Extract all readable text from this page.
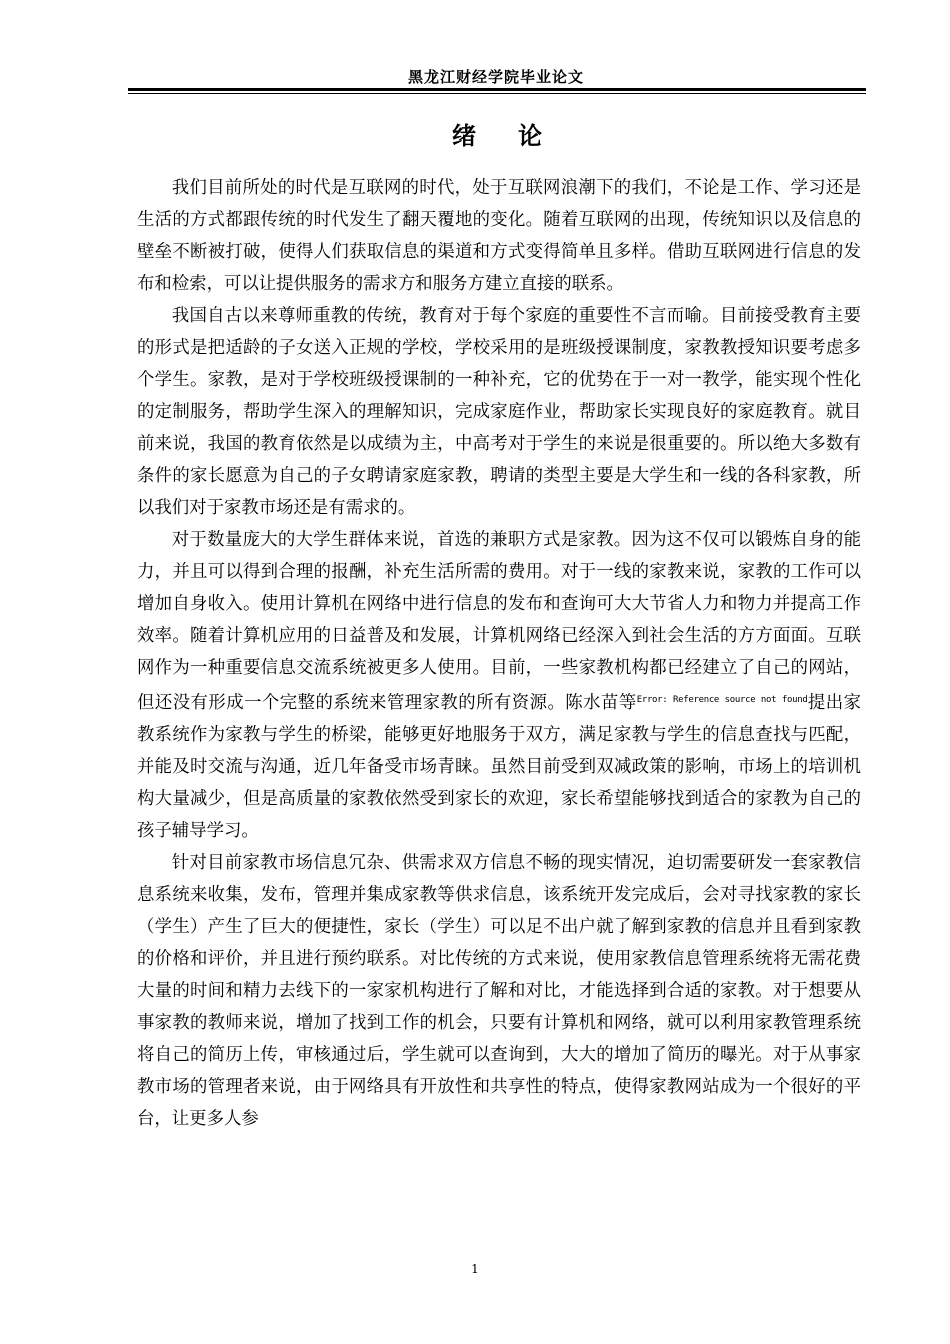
黑龙江财经学院毕业论文
绪论

我们目前所处的时代是互联网的时代，处于互联网浪潮下的我们，不论是工作、学习还是生活的方式都跟传统的时代发生了翻天覆地的变化。随着互联网的出现，传统知识以及信息的壁垒不断被打破，使得人们获取信息的渠道和方式变得简单且多样。借助互联网进行信息的发布和检索，可以让提供服务的需求方和服务方建立直接的联系。

我国自古以来尊师重教的传统，教育对于每个家庭的重要性不言而喻。目前接受教育主要的形式是把适龄的子女送入正规的学校，学校采用的是班级授课制度，家教教授知识要考虑多个学生。家教，是对于学校班级授课制的一种补充，它的优势在于一对一教学，能实现个性化的定制服务，帮助学生深入的理解知识，完成家庭作业，帮助家长实现良好的家庭教育。就目前来说，我国的教育依然是以成绩为主，中高考对于学生的来说是很重要的。所以绝大多数有条件的家长愿意为自己的子女聘请家庭家教，聘请的类型主要是大学生和一线的各科家教，所以我们对于家教市场还是有需求的。

对于数量庞大的大学生群体来说，首选的兼职方式是家教。因为这不仅可以锻炼自身的能力，并且可以得到合理的报酬，补充生活所需的费用。对于一线的家教来说，家教的工作可以增加自身收入。使用计算机在网络中进行信息的发布和查询可大大节省人力和物力并提高工作效率。随着计算机应用的日益普及和发展，计算机网络已经深入到社会生活的方方面面。互联网作为一种重要信息交流系统被更多人使用。目前，一些家教机构都已经建立了自己的网站，但还没有形成一个完整的系统来管理家教的所有资源。陈水苗等$^{Error: Reference source not found}$提出家教系统作为家教与学生的桥梁，能够更好地服务于双方，满足家教与学生的信息查找与匹配，并能及时交流与沟通，近几年备受市场青睐。虽然目前受到双减政策的影响，市场上的培训机构大量减少，但是高质量的家教依然受到家长的欢迎，家长希望能够找到适合的家教为自己的孩子辅导学习。

针对目前家教市场信息冗杂、供需求双方信息不畅的现实情况，迫切需要研发一套家教信息系统来收集，发布，管理并集成家教等供求信息，该系统开发完成后，会对寻找家教的家长（学生）产生了巨大的便捷性，家长（学生）可以足不出户就了解到家教的信息并且看到家教的价格和评价，并且进行预约联系。对比传统的方式来说，使用家教信息管理系统将无需花费大量的时间和精力去线下的一家家机构进行了解和对比，才能选择到合适的家教。对于想要从事家教的教师来说，增加了找到工作的机会，只要有计算机和网络，就可以利用家教管理系统将自己的简历上传，审核通过后，学生就可以查询到，大大的增加了简历的曝光。对于从事家教市场的管理者来说，由于网络具有开放性和共享性的特点，使得家教网站成为一个很好的平台，让更多人参

1
